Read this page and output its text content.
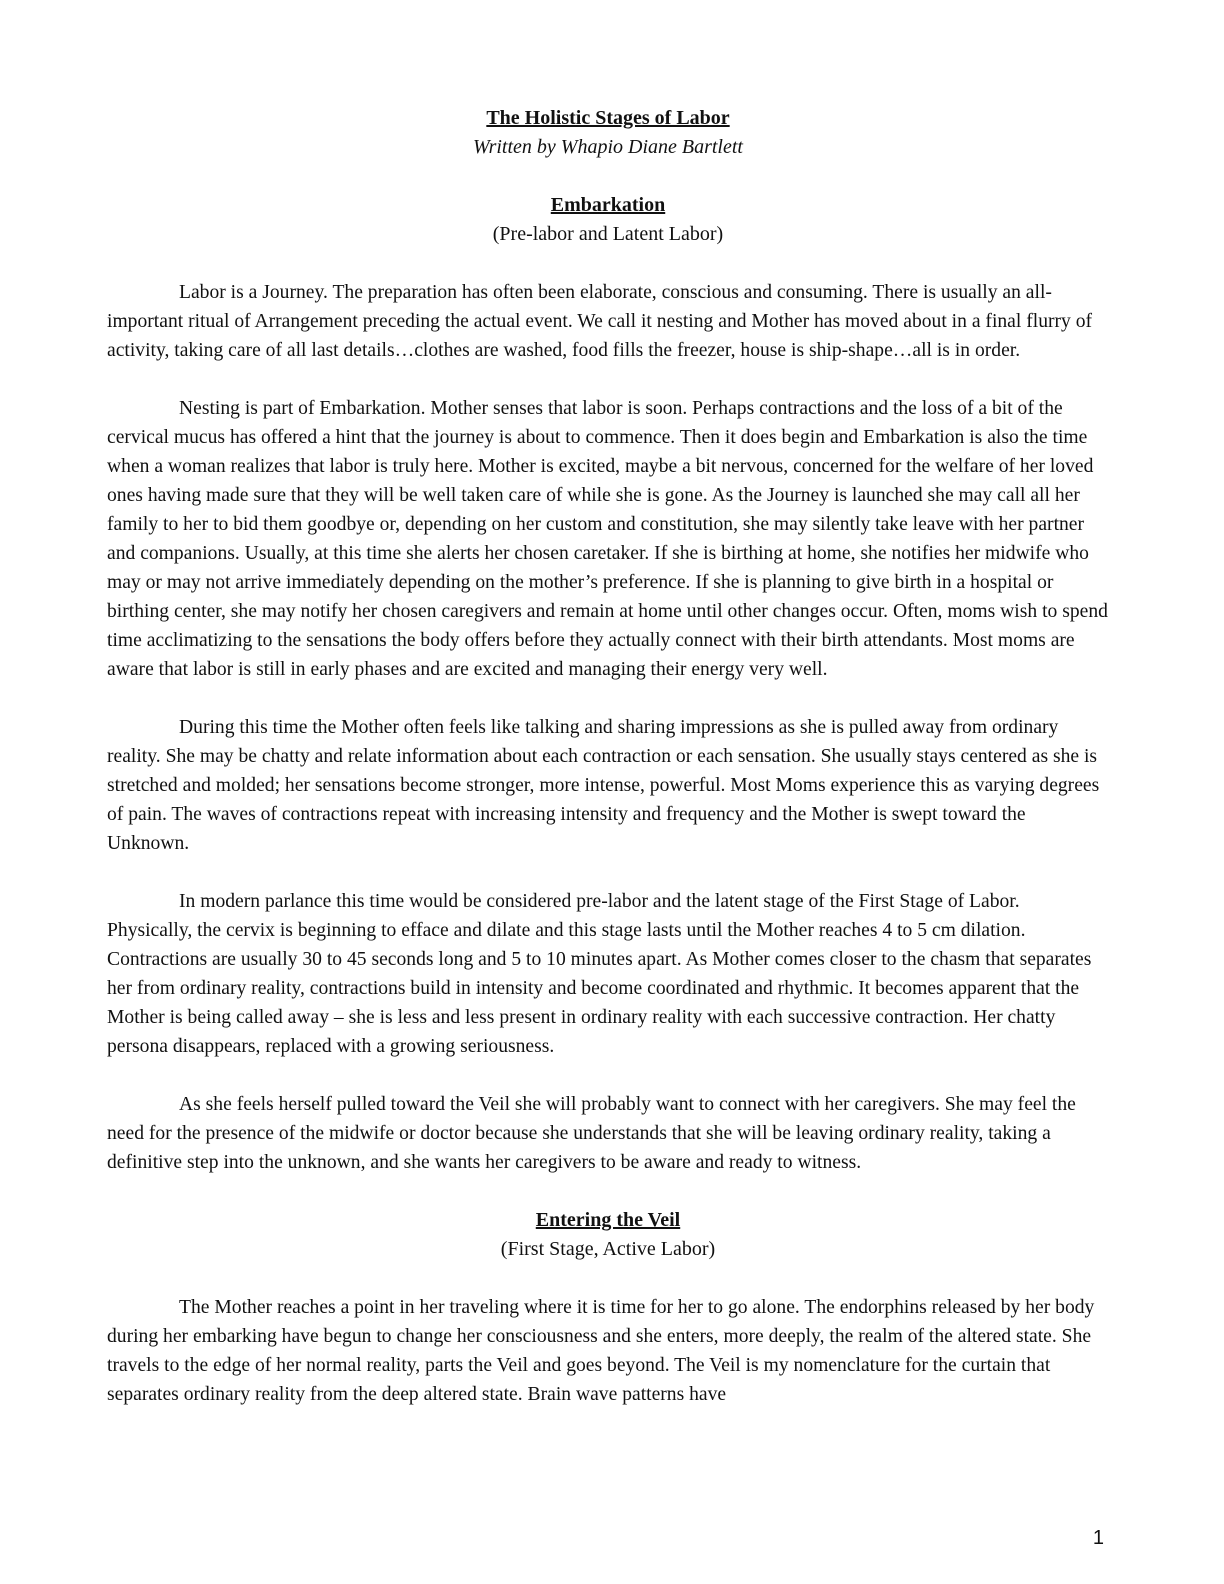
The Holistic Stages of Labor

Written by Whapio Diane Bartlett

Embarkation

(Pre-labor and Latent Labor)

Labor is a Journey. The preparation has often been elaborate, conscious and consuming. There is usually an all-important ritual of Arrangement preceding the actual event. We call it nesting and Mother has moved about in a final flurry of activity, taking care of all last details…clothes are washed, food fills the freezer, house is ship-shape…all is in order.

Nesting is part of Embarkation. Mother senses that labor is soon. Perhaps contractions and the loss of a bit of the cervical mucus has offered a hint that the journey is about to commence. Then it does begin and Embarkation is also the time when a woman realizes that labor is truly here. Mother is excited, maybe a bit nervous, concerned for the welfare of her loved ones having made sure that they will be well taken care of while she is gone. As the Journey is launched she may call all her family to her to bid them goodbye or, depending on her custom and constitution, she may silently take leave with her partner and companions. Usually, at this time she alerts her chosen caretaker. If she is birthing at home, she notifies her midwife who may or may not arrive immediately depending on the mother’s preference. If she is planning to give birth in a hospital or birthing center, she may notify her chosen caregivers and remain at home until other changes occur. Often, moms wish to spend time acclimatizing to the sensations the body offers before they actually connect with their birth attendants. Most moms are aware that labor is still in early phases and are excited and managing their energy very well.

During this time the Mother often feels like talking and sharing impressions as she is pulled away from ordinary reality. She may be chatty and relate information about each contraction or each sensation. She usually stays centered as she is stretched and molded; her sensations become stronger, more intense, powerful. Most Moms experience this as varying degrees of pain. The waves of contractions repeat with increasing intensity and frequency and the Mother is swept toward the Unknown.

In modern parlance this time would be considered pre-labor and the latent stage of the First Stage of Labor. Physically, the cervix is beginning to efface and dilate and this stage lasts until the Mother reaches 4 to 5 cm dilation. Contractions are usually 30 to 45 seconds long and 5 to 10 minutes apart. As Mother comes closer to the chasm that separates her from ordinary reality, contractions build in intensity and become coordinated and rhythmic. It becomes apparent that the Mother is being called away – she is less and less present in ordinary reality with each successive contraction. Her chatty persona disappears, replaced with a growing seriousness.

As she feels herself pulled toward the Veil she will probably want to connect with her caregivers. She may feel the need for the presence of the midwife or doctor because she understands that she will be leaving ordinary reality, taking a definitive step into the unknown, and she wants her caregivers to be aware and ready to witness.

Entering the Veil

(First Stage, Active Labor)

The Mother reaches a point in her traveling where it is time for her to go alone. The endorphins released by her body during her embarking have begun to change her consciousness and she enters, more deeply, the realm of the altered state. She travels to the edge of her normal reality, parts the Veil and goes beyond. The Veil is my nomenclature for the curtain that separates ordinary reality from the deep altered state. Brain wave patterns have

1
